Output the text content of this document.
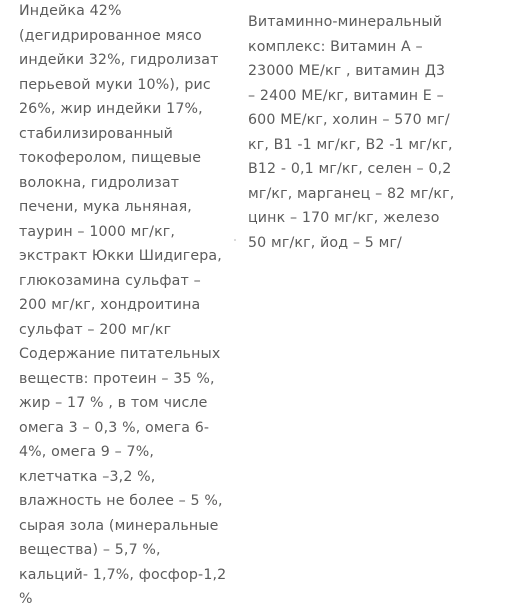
Индейка 42%
(дегидрированное мясо
индейки 32%, гидролизат
перьевой муки 10%), рис
26%, жир индейки 17%,
стабилизированный
токоферолом, пищевые
волокна, гидролизат
печени, мука льняная,
таурин – 1000 мг/кг,
экстракт Юкки Шидигера,
глюкозамина сульфат –
200 мг/кг, хондроитина
сульфат – 200 мг/кг
Содержание питательных
веществ: протеин – 35 %,
жир – 17 % , в том числе
омега 3 – 0,3 %, омега 6-
4%, омега 9 – 7%,
клетчатка –3,2 %,
влажность не более – 5 %,
сырая зола (минеральные
вещества) – 5,7 %,
кальций- 1,7%, фосфор-1,2
%
Витаминно-минеральный
комплекс: Витамин А –
23000 МЕ/кг , витамин Д3
– 2400 МЕ/кг, витамин Е –
600 МЕ/кг, холин – 570 мг/
кг, В1 -1 мг/кг, В2 -1 мг/кг,
В12 - 0,1 мг/кг, селен – 0,2
мг/кг, марганец – 82 мг/кг,
цинк – 170 мг/кг, железо
50 мг/кг, йод – 5 мг/
